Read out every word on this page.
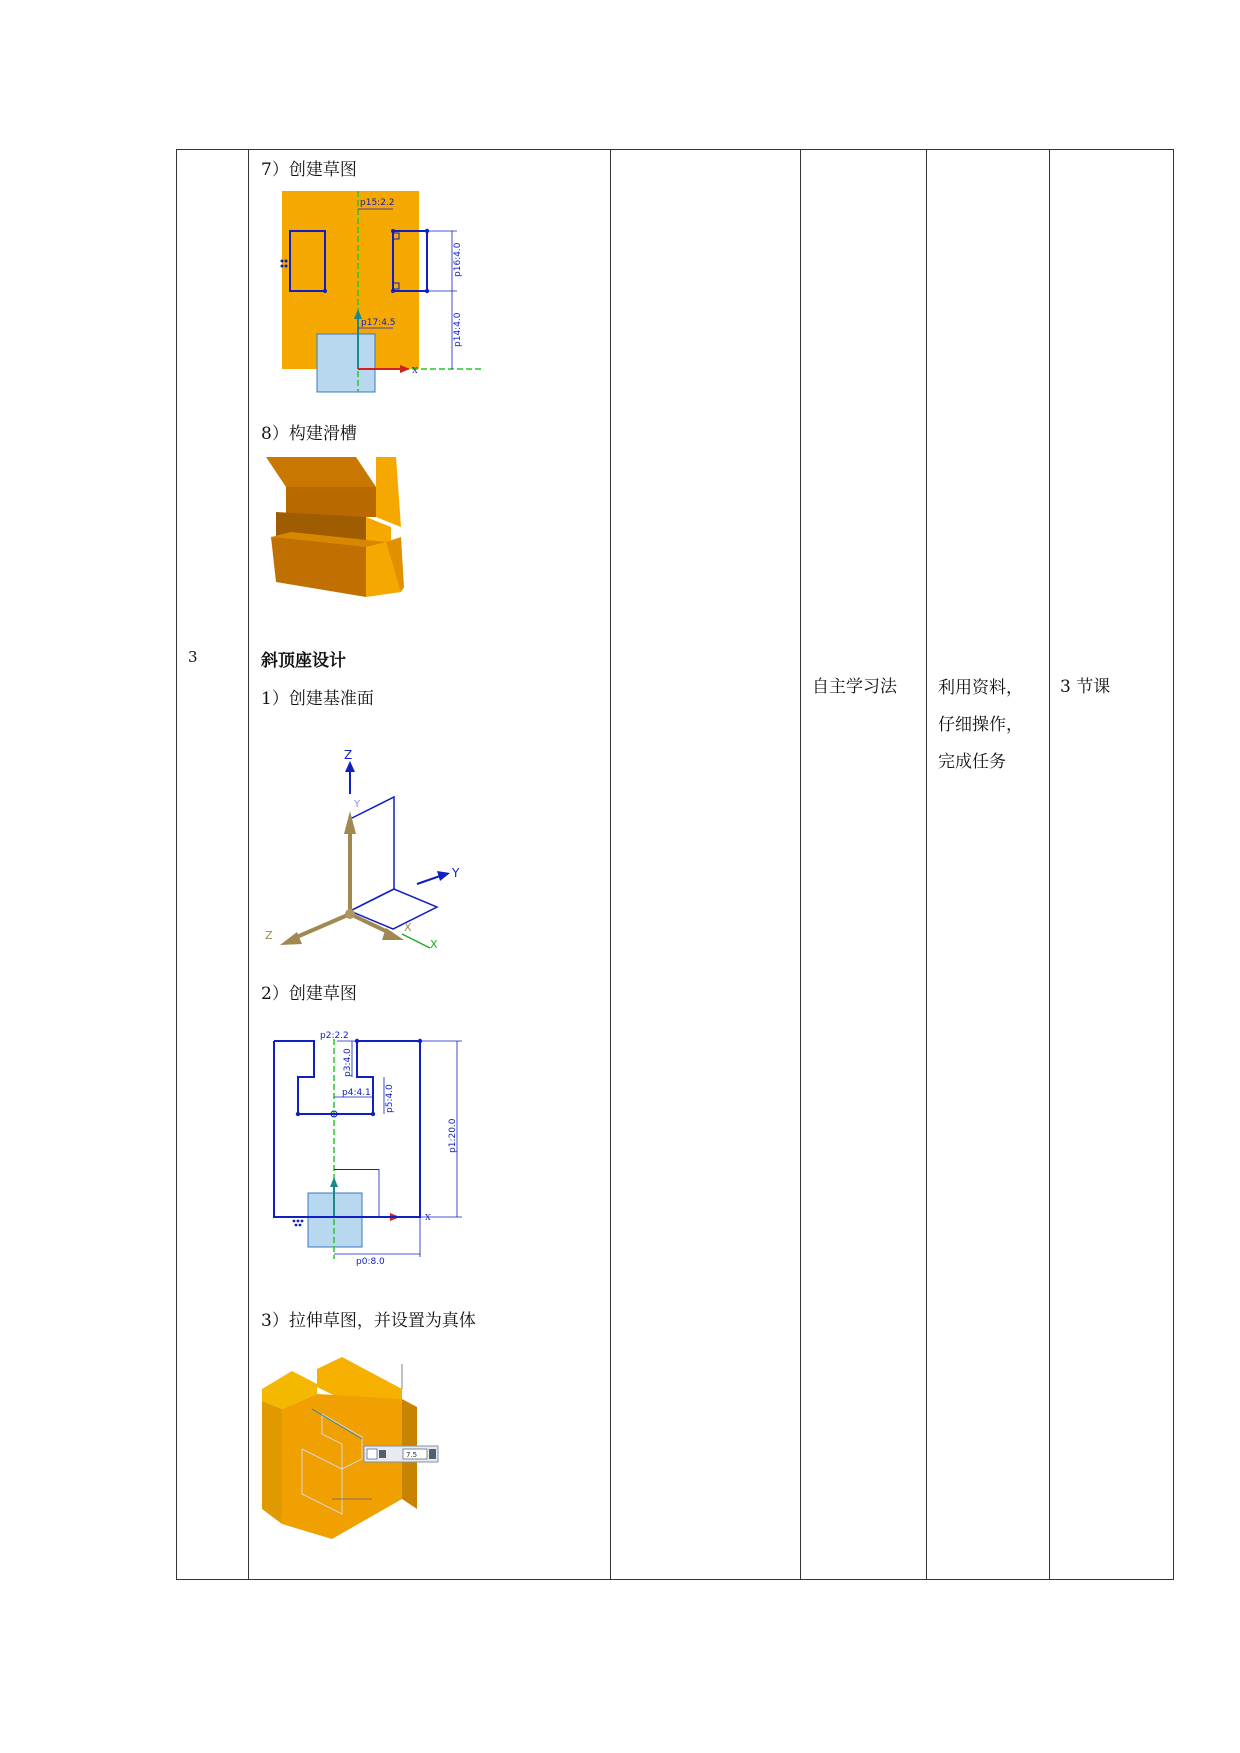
3
7）创建草图
X
p15:2.2
p16:4.0
p14:4.0
p17:4.5
8）构建滑槽
斜顶座设计
1）创建基准面
Z
Y
Y
Z
X
X
2）创建草图
X
p2:2.2
p3:4.0
p4:4.1 p5:4.0
p1:20.0
p0:8.0
3）拉伸草图，并设置为真体
7.5
自主学习法 利用资料，
仔细操作，
完成任务
3 节课
